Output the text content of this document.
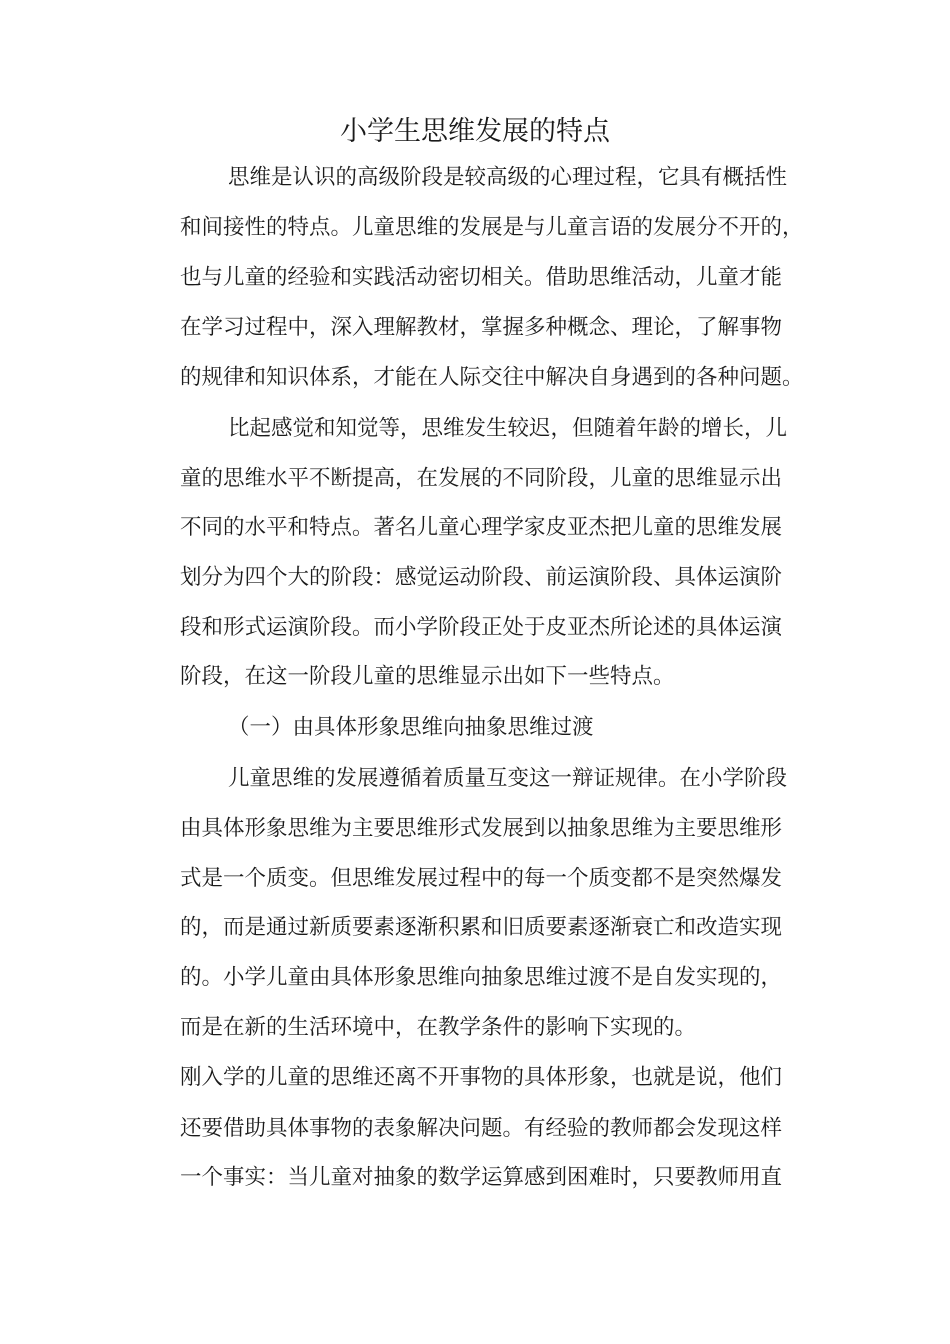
小学生思维发展的特点
思维是认识的高级阶段是较高级的心理过程，它具有概括性
和间接性的特点。儿童思维的发展是与儿童言语的发展分不开的，
也与儿童的经验和实践活动密切相关。借助思维活动，儿童才能
在学习过程中，深入理解教材，掌握多种概念、理论，了解事物
的规律和知识体系，才能在人际交往中解决自身遇到的各种问题。
比起感觉和知觉等，思维发生较迟，但随着年龄的增长，儿
童的思维水平不断提高，在发展的不同阶段，儿童的思维显示出
不同的水平和特点。著名儿童心理学家皮亚杰把儿童的思维发展
划分为四个大的阶段：感觉运动阶段、前运演阶段、具体运演阶
段和形式运演阶段。而小学阶段正处于皮亚杰所论述的具体运演
阶段，在这一阶段儿童的思维显示出如下一些特点。
（一）由具体形象思维向抽象思维过渡
儿童思维的发展遵循着质量互变这一辩证规律。在小学阶段
由具体形象思维为主要思维形式发展到以抽象思维为主要思维形
式是一个质变。但思维发展过程中的每一个质变都不是突然爆发
的，而是通过新质要素逐渐积累和旧质要素逐渐衰亡和改造实现
的。小学儿童由具体形象思维向抽象思维过渡不是自发实现的，
而是在新的生活环境中，在教学条件的影响下实现的。
刚入学的儿童的思维还离不开事物的具体形象，也就是说，他们
还要借助具体事物的表象解决问题。有经验的教师都会发现这样
一个事实：当儿童对抽象的数学运算感到困难时，只要教师用直
